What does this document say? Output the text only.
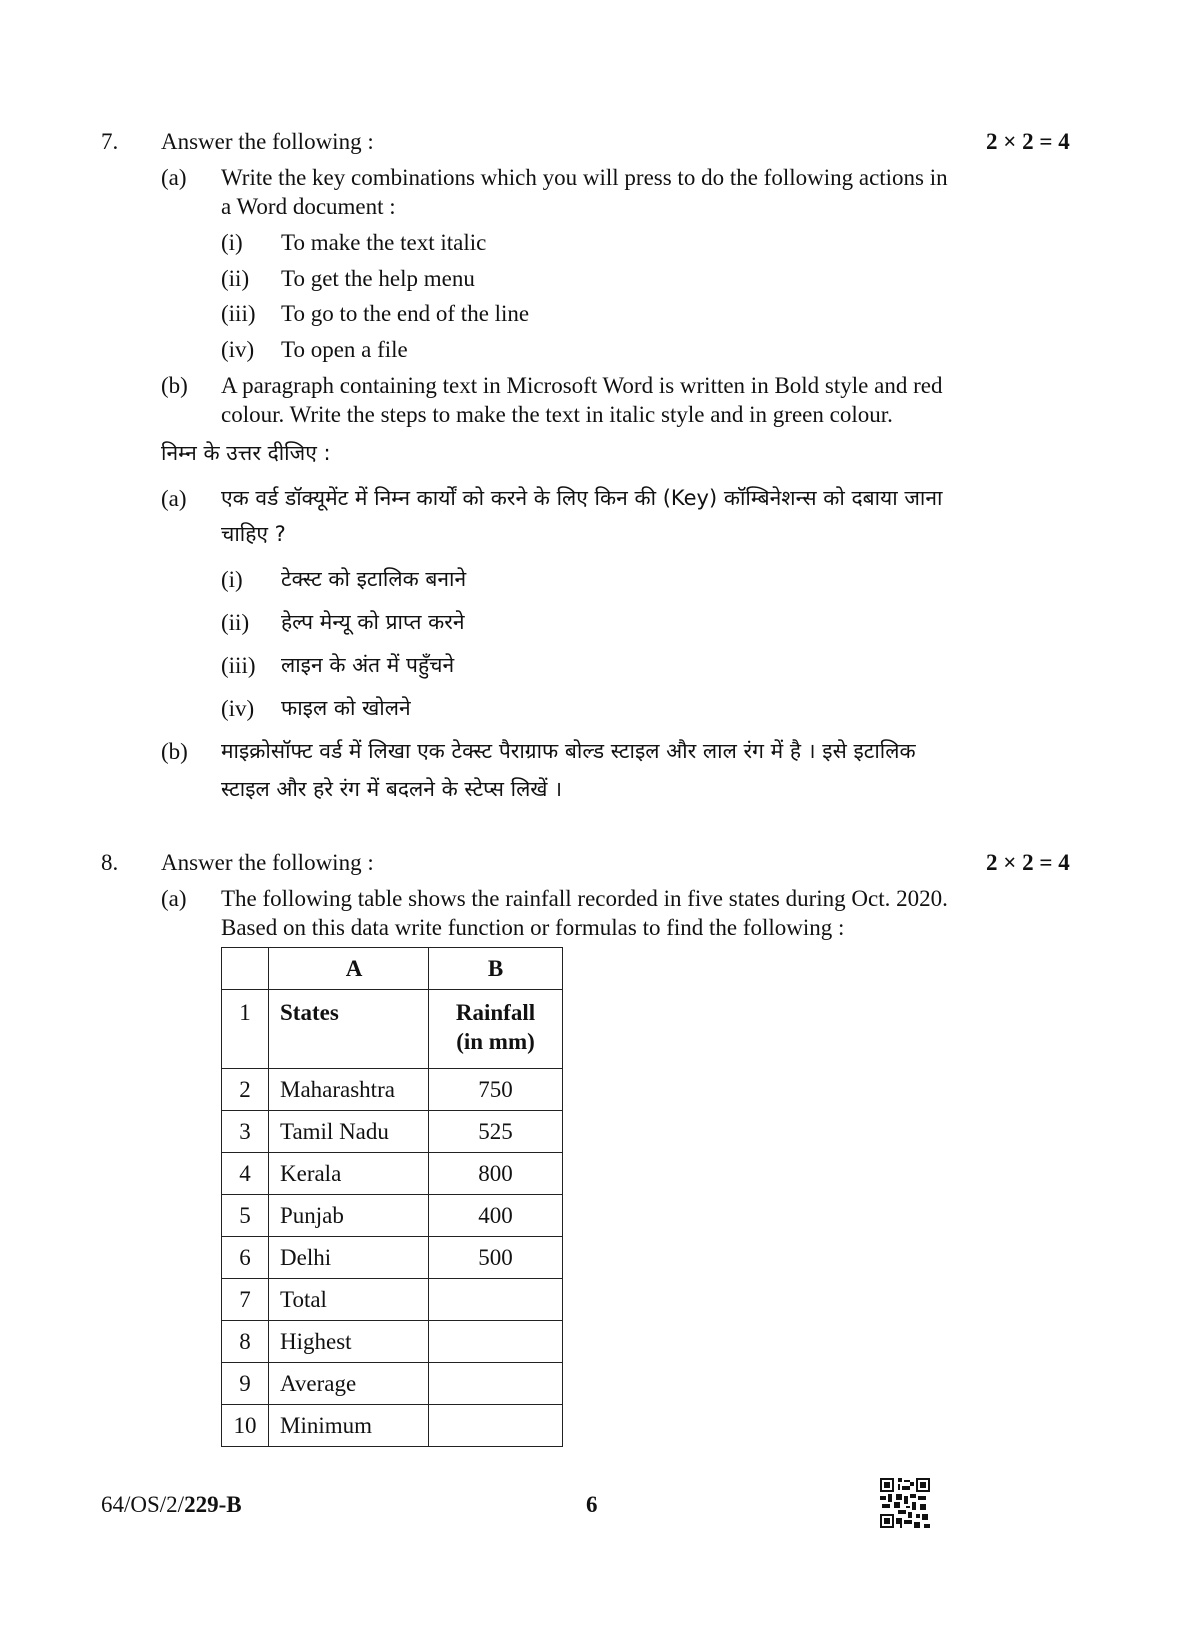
7. Answer the following :	2 × 2 = 4
(a) Write the key combinations which you will press to do the following actions in
a Word document :
(i) To make the text italic
(ii) To get the help menu
(iii) To go to the end of the line
(iv) To open a file
(b) A paragraph containing text in Microsoft Word is written in Bold style and red
colour. Write the steps to make the text in italic style and in green colour.
निम्न के उत्तर दीजिए :
(a) एक वर्ड डॉक्यूमेंट में निम्न कार्यों को करने के लिए किन की (Key) कॉम्बिनेशन्स को दबाया जाना
चाहिए ?
(i) टेक्स्ट को इटालिक बनाने
(ii) हेल्प मेन्यू को प्राप्त करने
(iii) लाइन के अंत में पहुँचने
(iv) फाइल को खोलने
(b) माइक्रोसॉफ्ट वर्ड में लिखा एक टेक्स्ट पैराग्राफ बोल्ड स्टाइल और लाल रंग में है । इसे इटालिक
स्टाइल और हरे रंग में बदलने के स्टेप्स लिखें ।
8. Answer the following :	2 × 2 = 4
(a) The following table shows the rainfall recorded in five states during Oct. 2020.
Based on this data write function or formulas to find the following :
	A	B
1	States	Rainfall
(in mm)

2	Maharashtra	750
3	Tamil Nadu	525
4	Kerala	800
5	Punjab	400
6	Delhi	500
7	Total	
8	Highest	
9	Average	
10	Minimum	
64/OS/2/229-B	6
